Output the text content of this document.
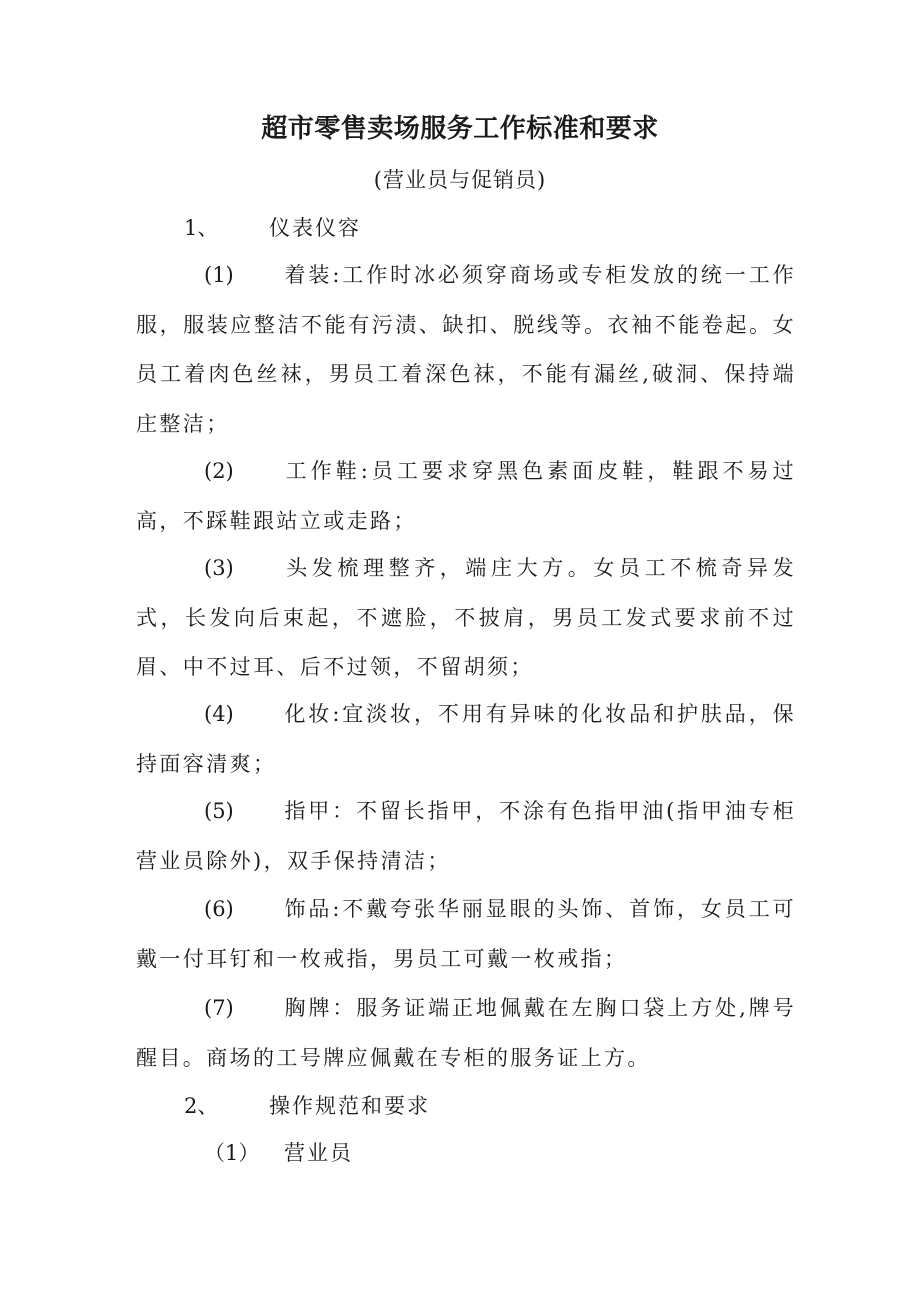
超市零售卖场服务工作标准和要求
(营业员与促销员)
1、 仪表仪容

(1) 着装:工作时冰必须穿商场或专柜发放的统一工作服，服装应整洁不能有污渍、缺扣、脱线等。衣袖不能卷起。女员工着肉色丝袜，男员工着深色袜，不能有漏丝,破洞、保持端庄整洁；

(2) 工作鞋:员工要求穿黑色素面皮鞋，鞋跟不易过高，不踩鞋跟站立或走路；

(3) 头发梳理整齐，端庄大方。女员工不梳奇异发式，长发向后束起，不遮脸，不披肩，男员工发式要求前不过眉、中不过耳、后不过领，不留胡须；

(4) 化妆:宜淡妆，不用有异味的化妆品和护肤品，保持面容清爽；

(5) 指甲：不留长指甲，不涂有色指甲油(指甲油专柜营业员除外)，双手保持清洁；

(6) 饰品:不戴夸张华丽显眼的头饰、首饰，女员工可戴一付耳钉和一枚戒指，男员工可戴一枚戒指；

(7) 胸牌：服务证端正地佩戴在左胸口袋上方处,牌号醒目。商场的工号牌应佩戴在专柜的服务证上方。

2、 操作规范和要求
（1） 营业员
